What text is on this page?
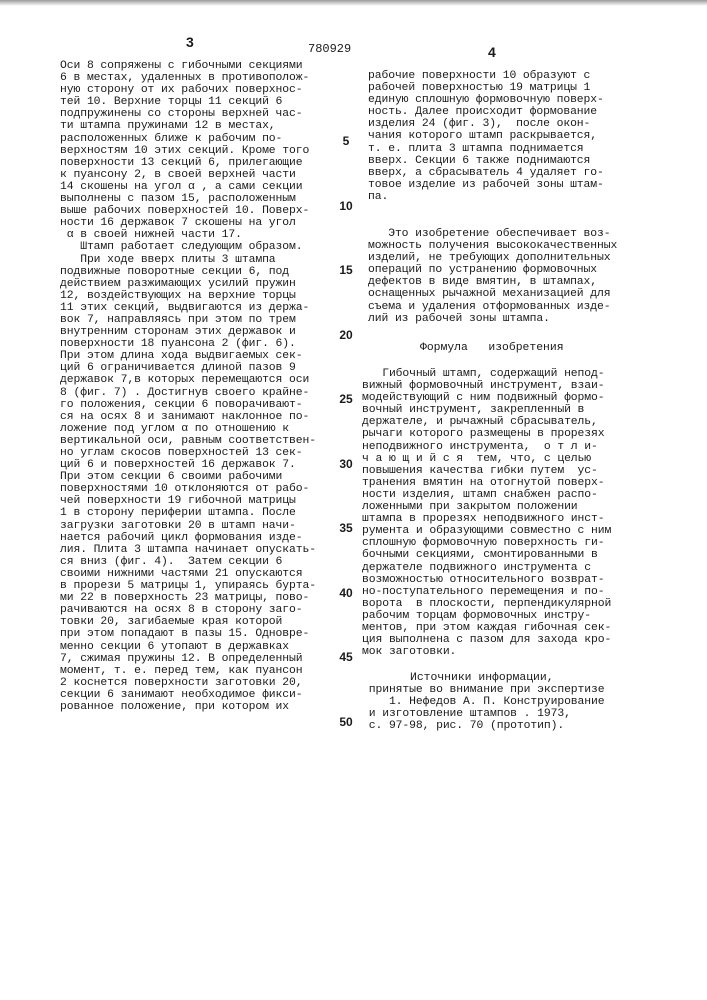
3	780929	4
Оси 8 сопряжены с гибочными секциями
6 в местах, удаленных в противополож-
ную сторону от их рабочих поверхнос-
тей 10. Верхние торцы 11 секций 6
подпружинены со стороны верхней час-
ти штампа пружинами 12 в местах,
расположенных ближе к рабочим по-
верхностям 10 этих секций. Кроме того
поверхности 13 секций 6, прилегающие
к пуансону 2, в своей верхней части
14 скошены на угол α , а сами секции
выполнены с пазом 15, расположенным
выше рабочих поверхностей 10. Поверх-
ности 16 державок 7 скошены на угол
α в своей нижней части 17.
Штамп работает следующим образом.
При ходе вверх плиты 3 штампа
подвижные поворотные секции 6, под
действием разжимающих усилий пружин
12, воздействующих на верхние торцы
11 этих секций, выдвигаются из держа-
вок 7, направляясь при этом по трем
внутренним сторонам этих державок и
поверхности 18 пуансона 2 (фиг. 6).
При этом длина хода выдвигаемых сек-
ций 6 ограничивается длиной пазов 9
державок 7,в которых перемещаются оси
8 (фиг. 7) . Достигнув своего крайне-
го положения, секции 6 поворачивают-
ся на осях 8 и занимают наклонное по-
ложение под углом α по отношению к
вертикальной оси, равным соответствен-
но углам скосов поверхностей 13 сек-
ций 6 и поверхностей 16 державок 7.
При этом секции 6 своими рабочими
поверхностями 10 отклоняются от рабо-
чей поверхности 19 гибочной матрицы
1 в сторону периферии штампа. После
загрузки заготовки 20 в штамп начи-
нается рабочий цикл формования изде-
лия. Плита 3 штампа начинает опускать-
ся вниз (фиг. 4).  Затем секции 6
своими нижними частями 21 опускаются
в прорези 5 матрицы 1, упираясь бурта-
ми 22 в поверхность 23 матрицы, пово-
рачиваются на осях 8 в сторону заго-
товки 20, загибаемые края которой
при этом попадают в пазы 15. Одновре-
менно секции 6 утопают в державках
7, сжимая пружины 12. В определенный
момент, т. е. перед тем, как пуансон
2 коснется поверхности заготовки 20,
секции 6 занимают необходимое фикси-
рованное положение, при котором их
5
10
15
20
25
30
35
40
45
50
рабочие поверхности 10 образуют с
рабочей поверхностью 19 матрицы 1
единую сплошную формовочную поверх-
ность. Далее происходит формование
изделия 24 (фиг. 3),  после окон-
чания которого штамп раскрывается,
т. е. плита 3 штампа поднимается
вверх. Секции 6 также поднимаются
вверх, а сбрасыватель 4 удаляет го-
товое изделие из рабочей зоны штам-
па.
Это изобретение обеспечивает воз-
можность получения высококачественных
изделий, не требующих дополнительных
операций по устранению формовочных
дефектов в виде вмятин, в штампах,
оснащенных рычажной механизацией для
съема и удаления отформованных изде-
лий из рабочей зоны штампа.
Формула   изобретения
Гибочный штамп, содержащий непод-
вижный формовочный инструмент, взаи-
модействующий с ним подвижный формо-
вочный инструмент, закрепленный в
держателе, и рычажный сбрасыватель,
рычаги которого размещены в прорезях
неподвижного инструмента,  о т л и-
ч а ю щ и й с я  тем, что, с целью
повышения качества гибки путем  ус-
транения вмятин на отогнутой поверх-
ности изделия, штамп снабжен распо-
ложенными при закрытом положении
штампа в прорезях неподвижного инст-
румента и образующими совместно с ним
сплошную формовочную поверхность ги-
бочными секциями, смонтированными в
держателе подвижного инструмента с
возможностью относительного возврат-
но-поступательного перемещения и по-
ворота  в плоскости, перпендикулярной
рабочим торцам формовочных инстру-
ментов, при этом каждая гибочная сек-
ция выполнена с пазом для захода кро-
мок заготовки.
Источники информации,
принятые во внимание при экспертизе
1. Нефедов А. П. Конструирование
и изготовление штампов . 1973,
с. 97-98, рис. 70 (прототип).
